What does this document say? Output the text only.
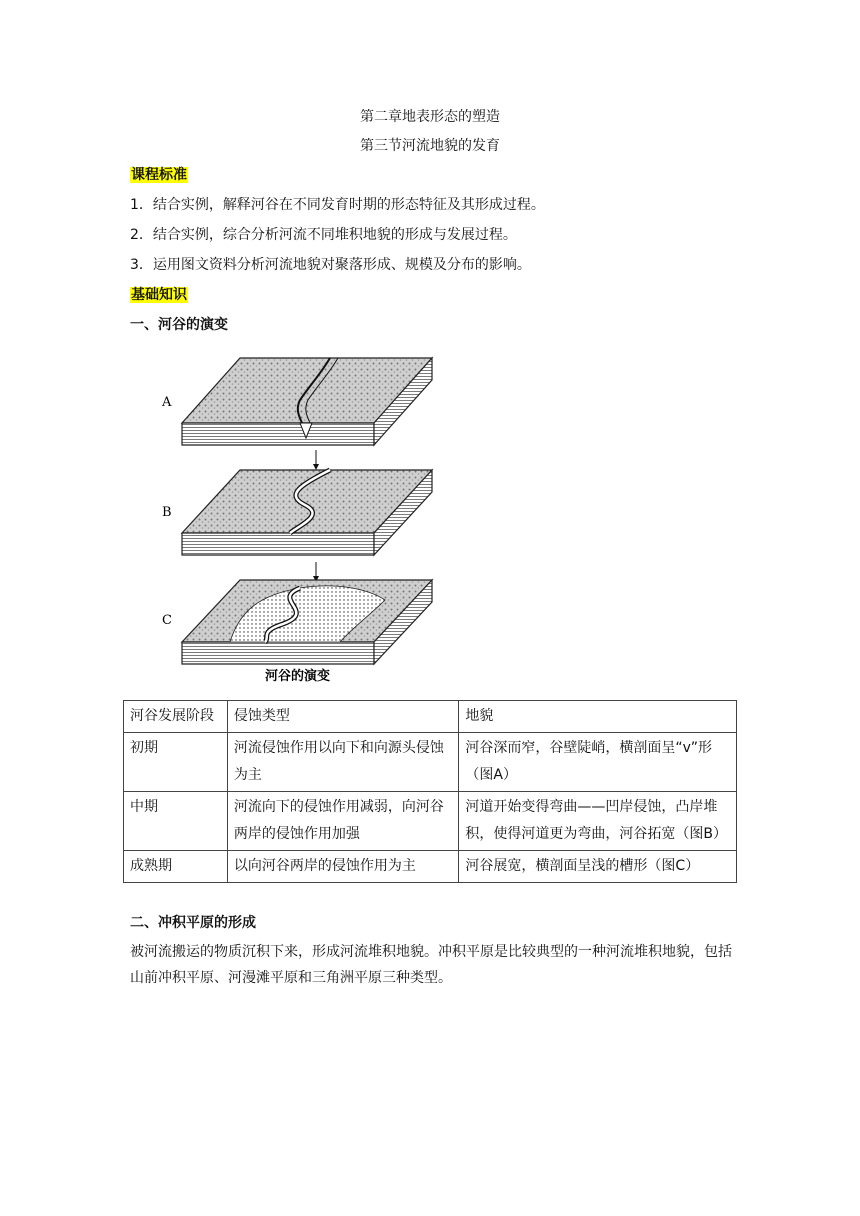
第二章地表形态的塑造
第三节河流地貌的发育
课程标准
1．结合实例，解释河谷在不同发育时期的形态特征及其形成过程。
2．结合实例，综合分析河流不同堆积地貌的形成与发展过程。
3．运用图文资料分析河流地貌对聚落形成、规模及分布的影响。
基础知识
一、河谷的演变
A
B
C
河谷的演变
河谷发展阶段	侵蚀类型	地貌
初期	河流侵蚀作用以向下和向源头侵蚀为主	河谷深而窄，谷壁陡峭，横剖面呈“v”形（图A）
中期	河流向下的侵蚀作用减弱，向河谷两岸的侵蚀作用加强	河道开始变得弯曲——凹岸侵蚀，凸岸堆积，使得河道更为弯曲，河谷拓宽（图B）
成熟期	以向河谷两岸的侵蚀作用为主	河谷展宽，横剖面呈浅的槽形（图C）
二、冲积平原的形成
被河流搬运的物质沉积下来，形成河流堆积地貌。冲积平原是比较典型的一种河流堆积地貌，包括山前冲积平原、河漫滩平原和三角洲平原三种类型。
